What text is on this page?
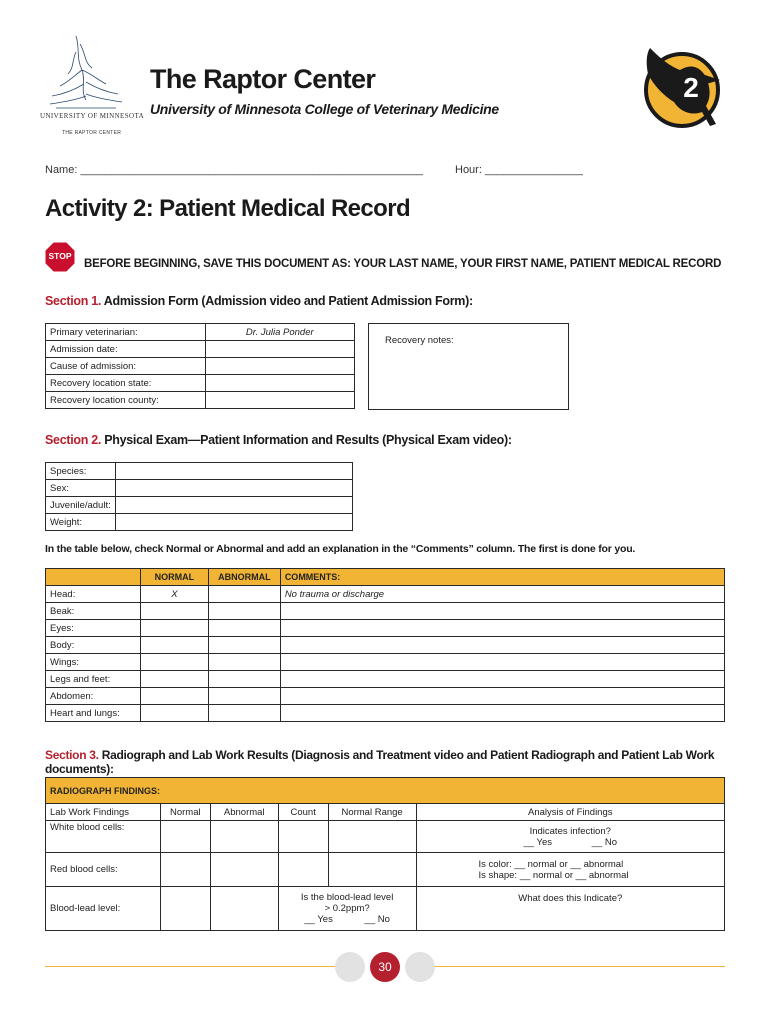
UNIVERSITY OF MINNESOTA
THE RAPTOR CENTER
The Raptor Center
University of Minnesota College of Veterinary Medicine
2
Name: ________________________________________________________	Hour: ________________
Activity 2: Patient Medical Record
STOP
BEFORE BEGINNING, SAVE THIS DOCUMENT AS: YOUR LAST NAME, YOUR FIRST NAME, PATIENT MEDICAL RECORD
Section 1. Admission Form (Admission video and Patient Admission Form):
Primary veterinarian:	Dr. Julia Ponder
Admission date:	
Cause of admission:	
Recovery location state:	
Recovery location county:	
Recovery notes:
Section 2. Physical Exam—Patient Information and Results (Physical Exam video):
Species:	
Sex:	
Juvenile/adult:	
Weight:	
In the table below, check Normal or Abnormal and add an explanation in the “Comments” column. The first is done for you.
	NORMAL	ABNORMAL	COMMENTS:
Head:	X		No trauma or discharge
Beak:			
Eyes:			
Body:			
Wings:			
Legs and feet:			
Abdomen:			
Heart and lungs:			
Section 3. Radiograph and Lab Work Results (Diagnosis and Treatment video and Patient Radiograph and Patient Lab Work documents):
RADIOGRAPH FINDINGS:					
Lab Work Findings	Normal	Abnormal	Count	Normal Range	Analysis of Findings
White blood cells:					Indicates infection?
__ Yes __ No

Red blood cells:					Is color: __ normal or __ abnormal
Is shape: __ normal or __ abnormal

Blood-lead level:			Is the blood-lead level
> 0.2ppm?
__ Yes __ No		What does this Indicate?
30
